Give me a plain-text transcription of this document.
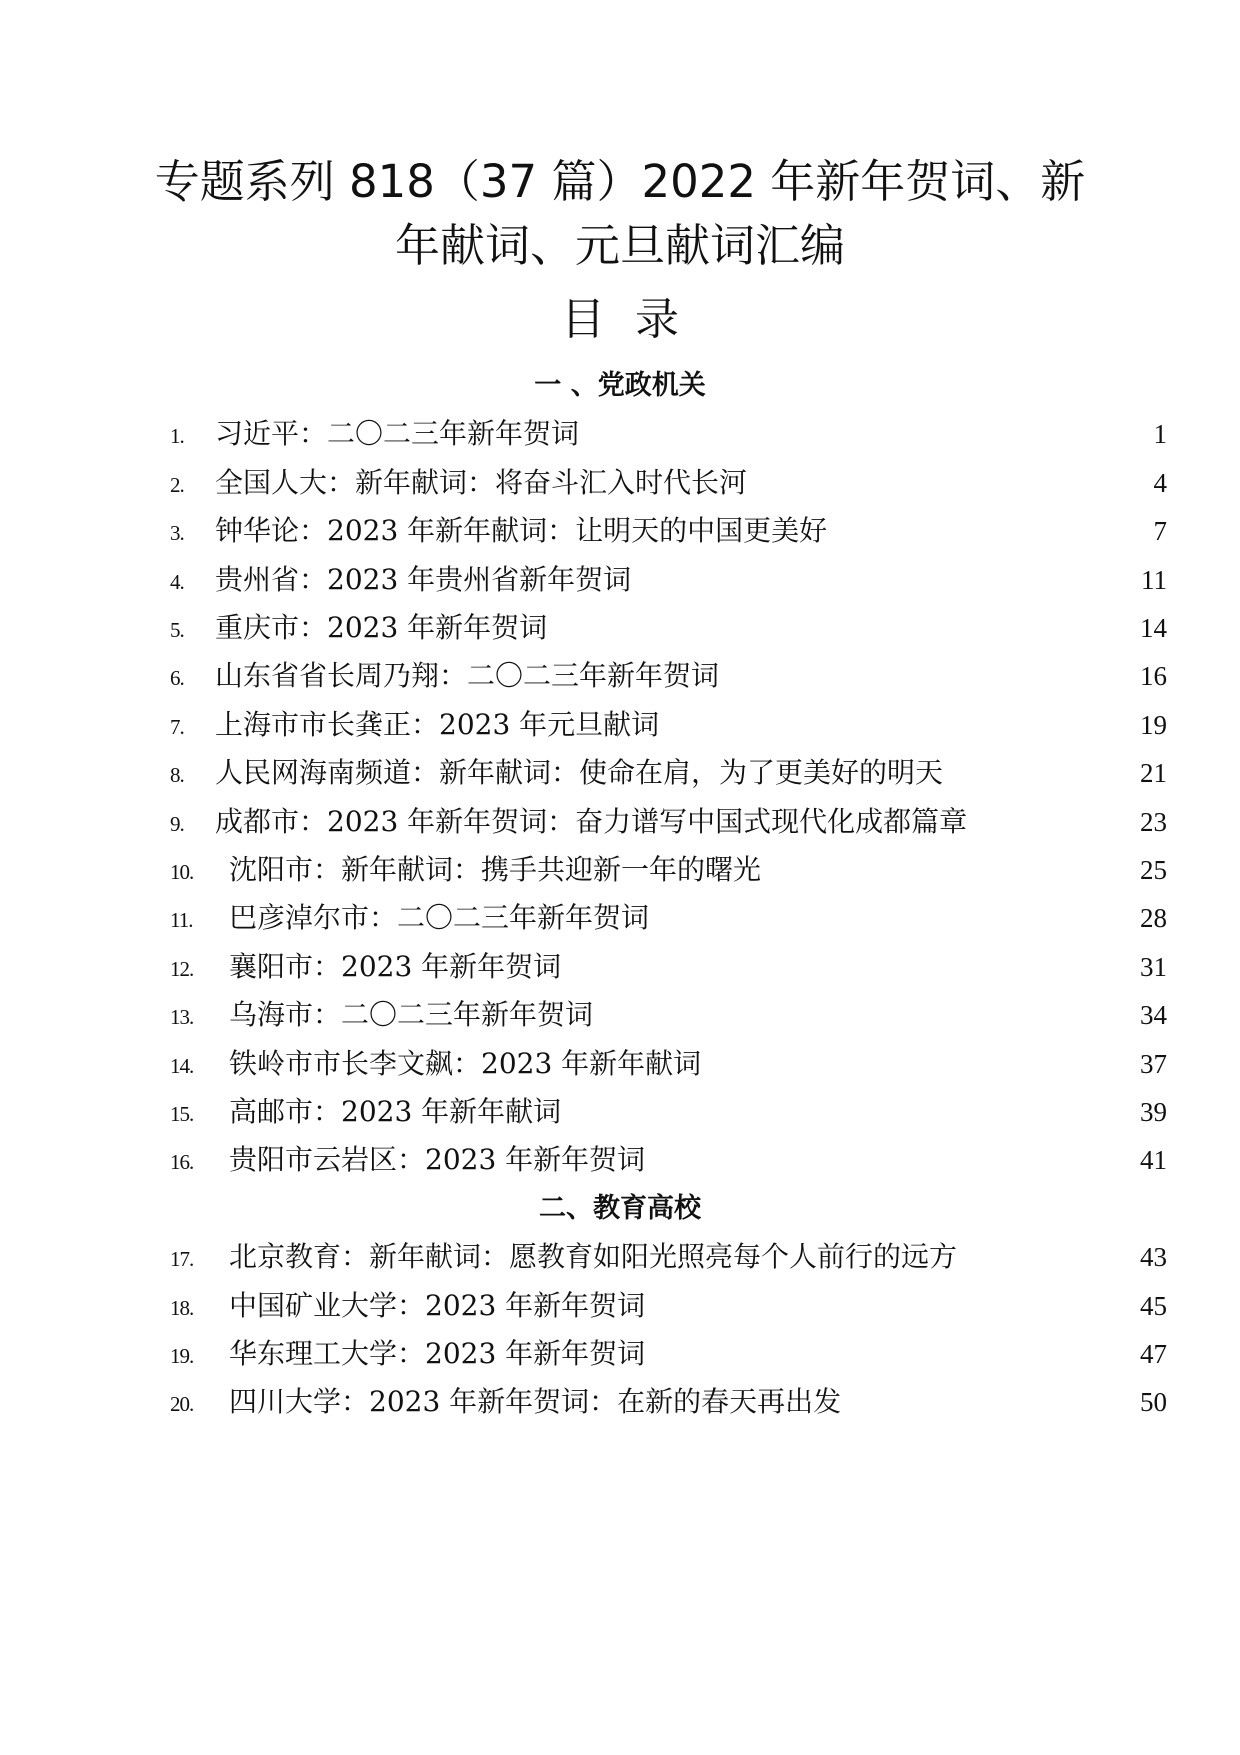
专题系列 818（37 篇）2022 年新年贺词、新
年献词、元旦献词汇编
目录
一 、党政机关
1. 习近平：二〇二三年新年贺词	1
2. 全国人大：新年献词：将奋斗汇入时代长河	4
3. 钟华论：2023 年新年献词：让明天的中国更美好	7
4. 贵州省：2023 年贵州省新年贺词	11
5. 重庆市：2023 年新年贺词	14
6. 山东省省长周乃翔：二〇二三年新年贺词	16
7. 上海市市长龚正：2023 年元旦献词	19
8. 人民网海南频道：新年献词：使命在肩，为了更美好的明天	21
9. 成都市：2023 年新年贺词：奋力谱写中国式现代化成都篇章	23
10. 沈阳市：新年献词：携手共迎新一年的曙光	25
11. 巴彦淖尔市：二〇二三年新年贺词	28
12. 襄阳市：2023 年新年贺词	31
13. 乌海市：二〇二三年新年贺词	34
14. 铁岭市市长李文飙：2023 年新年献词	37
15. 高邮市：2023 年新年献词	39
16. 贵阳市云岩区：2023 年新年贺词	41
二、教育高校
17. 北京教育：新年献词：愿教育如阳光照亮每个人前行的远方	43
18. 中国矿业大学：2023 年新年贺词	45
19. 华东理工大学：2023 年新年贺词	47
20. 四川大学：2023 年新年贺词：在新的春天再出发	50
